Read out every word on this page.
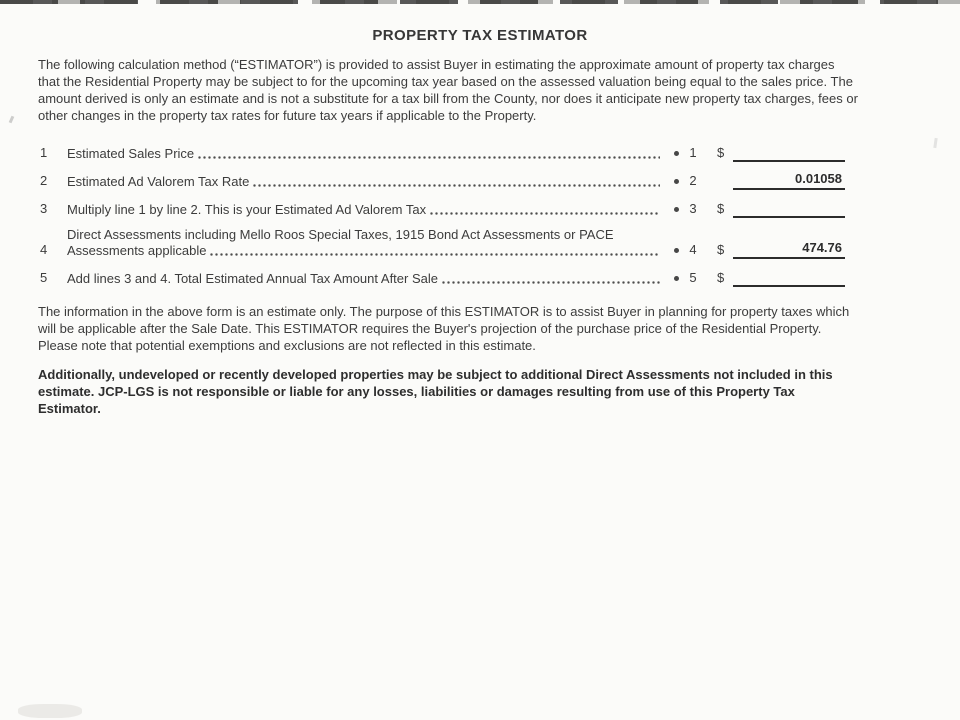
PROPERTY TAX ESTIMATOR
The following calculation method (“ESTIMATOR”) is provided to assist Buyer in estimating the approximate amount of property tax charges
that the Residential Property may be subject to for the upcoming tax year based on the assessed valuation being equal to the sales price. The
amount derived is only an estimate and is not a substitute for a tax bill from the County, nor does it anticipate new property tax charges, fees or
other changes in the property tax rates for future tax years if applicable to the Property.
1	Estimated Sales Price	1	$
2	Estimated Ad Valorem Tax Rate	2	0.01058
3	Multiply line 1 by line 2. This is your Estimated Ad Valorem Tax	3	$
4
Direct Assessments including Mello Roos Special Taxes, 1915 Bond Act Assessments or PACE
Assessments applicable	4	$	474.76
5	Add lines 3 and 4. Total Estimated Annual Tax Amount After Sale	5	$
The information in the above form is an estimate only. The purpose of this ESTIMATOR is to assist Buyer in planning for property taxes which
will be applicable after the Sale Date. This ESTIMATOR requires the Buyer's projection of the purchase price of the Residential Property.
Please note that potential exemptions and exclusions are not reflected in this estimate.
Additionally, undeveloped or recently developed properties may be subject to additional Direct Assessments not included in this
estimate. JCP-LGS is not responsible or liable for any losses, liabilities or damages resulting from use of this Property Tax
Estimator.
